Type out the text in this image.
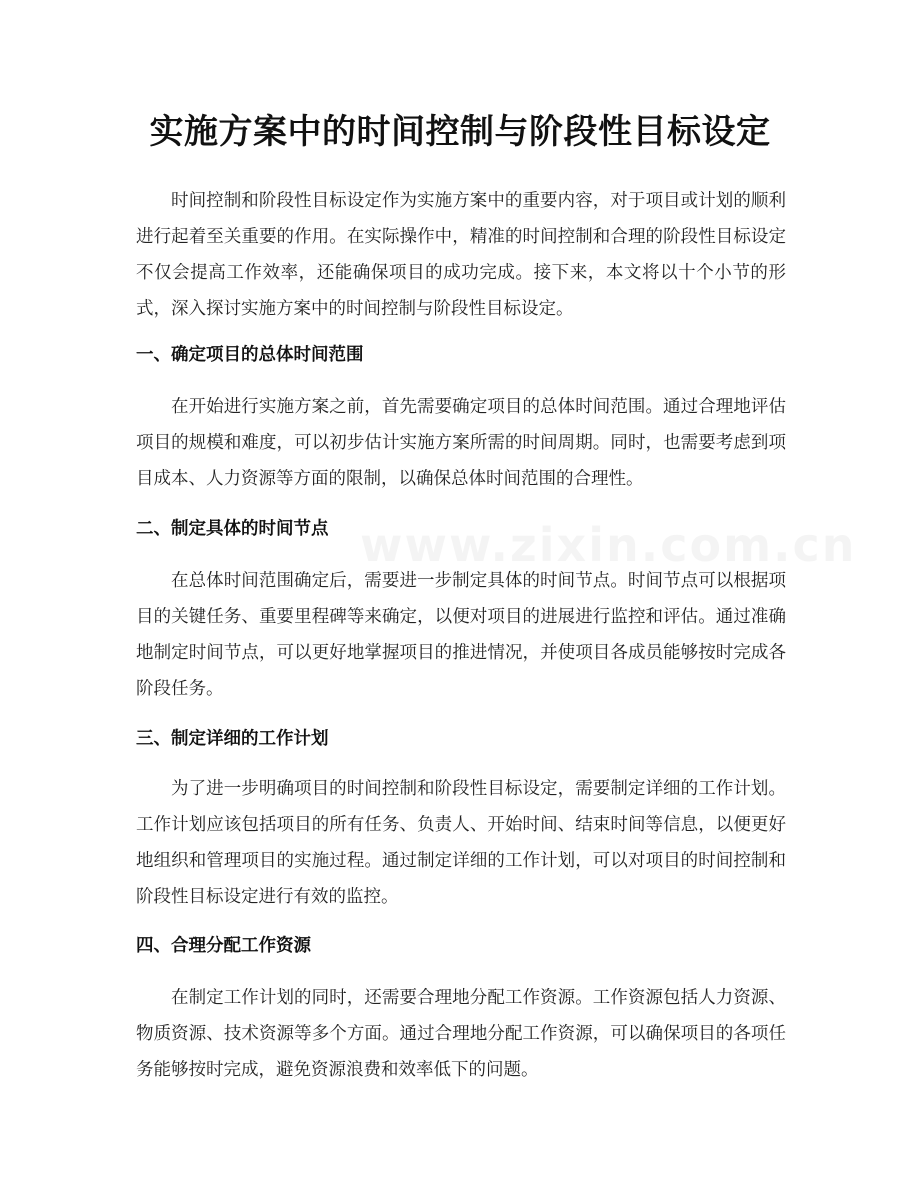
实施方案中的时间控制与阶段性目标设定

时间控制和阶段性目标设定作为实施方案中的重要内容，对于项目或计划的顺利进行起着至关重要的作用。在实际操作中，精准的时间控制和合理的阶段性目标设定不仅会提高工作效率，还能确保项目的成功完成。接下来，本文将以十个小节的形式，深入探讨实施方案中的时间控制与阶段性目标设定。

一、确定项目的总体时间范围

在开始进行实施方案之前，首先需要确定项目的总体时间范围。通过合理地评估项目的规模和难度，可以初步估计实施方案所需的时间周期。同时，也需要考虑到项目成本、人力资源等方面的限制，以确保总体时间范围的合理性。

二、制定具体的时间节点

在总体时间范围确定后，需要进一步制定具体的时间节点。时间节点可以根据项目的关键任务、重要里程碑等来确定，以便对项目的进展进行监控和评估。通过准确地制定时间节点，可以更好地掌握项目的推进情况，并使项目各成员能够按时完成各阶段任务。

三、制定详细的工作计划

为了进一步明确项目的时间控制和阶段性目标设定，需要制定详细的工作计划。工作计划应该包括项目的所有任务、负责人、开始时间、结束时间等信息，以便更好地组织和管理项目的实施过程。通过制定详细的工作计划，可以对项目的时间控制和阶段性目标设定进行有效的监控。

四、合理分配工作资源

在制定工作计划的同时，还需要合理地分配工作资源。工作资源包括人力资源、物质资源、技术资源等多个方面。通过合理地分配工作资源，可以确保项目的各项任务能够按时完成，避免资源浪费和效率低下的问题。
